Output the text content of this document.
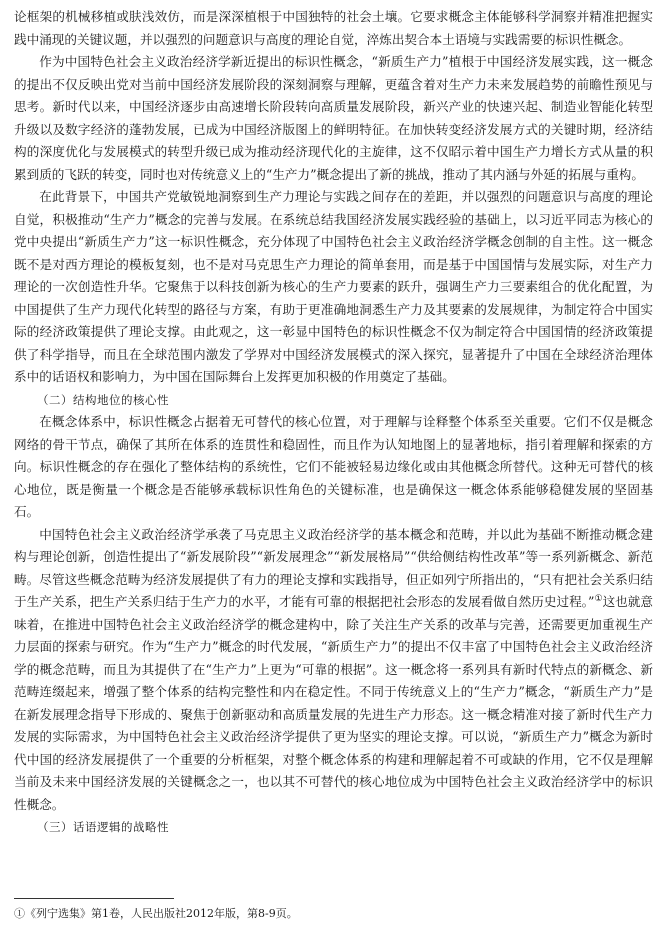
论框架的机械移植或肤浅效仿，而是深深植根于中国独特的社会土壤。它要求概念主体能够科学洞察并精准把握实践中涌现的关键议题，并以强烈的问题意识与高度的理论自觉，淬炼出契合本土语境与实践需要的标识性概念。

作为中国特色社会主义政治经济学新近提出的标识性概念，“新质生产力”植根于中国经济发展实践，这一概念的提出不仅反映出党对当前中国经济发展阶段的深刻洞察与理解，更蕴含着对生产力未来发展趋势的前瞻性预见与思考。新时代以来，中国经济逐步由高速增长阶段转向高质量发展阶段，新兴产业的快速兴起、制造业智能化转型升级以及数字经济的蓬勃发展，已成为中国经济版图上的鲜明特征。在加快转变经济发展方式的关键时期，经济结构的深度优化与发展模式的转型升级已成为推动经济现代化的主旋律，这不仅昭示着中国生产力增长方式从量的积累到质的飞跃的转变，同时也对传统意义上的“生产力”概念提出了新的挑战，推动了其内涵与外延的拓展与重构。

在此背景下，中国共产党敏锐地洞察到生产力理论与实践之间存在的差距，并以强烈的问题意识与高度的理论自觉，积极推动“生产力”概念的完善与发展。在系统总结我国经济发展实践经验的基础上，以习近平同志为核心的党中央提出“新质生产力”这一标识性概念，充分体现了中国特色社会主义政治经济学概念创制的自主性。这一概念既不是对西方理论的模板复刻，也不是对马克思生产力理论的简单套用，而是基于中国国情与发展实际，对生产力理论的一次创造性升华。它聚焦于以科技创新为核心的生产力要素的跃升，强调生产力三要素组合的优化配置，为中国提供了生产力现代化转型的路径与方案，有助于更准确地洞悉生产力及其要素的发展规律，为制定符合中国实际的经济政策提供了理论支撑。由此观之，这一彰显中国特色的标识性概念不仅为制定符合中国国情的经济政策提供了科学指导，而且在全球范围内激发了学界对中国经济发展模式的深入探究，显著提升了中国在全球经济治理体系中的话语权和影响力，为中国在国际舞台上发挥更加积极的作用奠定了基础。

（二）结构地位的核心性

在概念体系中，标识性概念占据着无可替代的核心位置，对于理解与诠释整个体系至关重要。它们不仅是概念网络的骨干节点，确保了其所在体系的连贯性和稳固性，而且作为认知地图上的显著地标，指引着理解和探索的方向。标识性概念的存在强化了整体结构的系统性，它们不能被轻易边缘化或由其他概念所替代。这种无可替代的核心地位，既是衡量一个概念是否能够承载标识性角色的关键标准，也是确保这一概念体系能够稳健发展的坚固基石。

中国特色社会主义政治经济学承袭了马克思主义政治经济学的基本概念和范畴，并以此为基础不断推动概念建构与理论创新，创造性提出了“新发展阶段”“新发展理念”“新发展格局”“供给侧结构性改革”等一系列新概念、新范畴。尽管这些概念范畴为经济发展提供了有力的理论支撑和实践指导，但正如列宁所指出的，“只有把社会关系归结于生产关系，把生产关系归结于生产力的水平，才能有可靠的根据把社会形态的发展看做自然历史过程。”①这也就意味着，在推进中国特色社会主义政治经济学的概念建构中，除了关注生产关系的改革与完善，还需要更加重视生产力层面的探索与研究。作为“生产力”概念的时代发展，“新质生产力”的提出不仅丰富了中国特色社会主义政治经济学的概念范畴，而且为其提供了在“生产力”上更为“可靠的根据”。这一概念将一系列具有新时代特点的新概念、新范畴连缀起来，增强了整个体系的结构完整性和内在稳定性。不同于传统意义上的“生产力”概念，“新质生产力”是在新发展理念指导下形成的、聚焦于创新驱动和高质量发展的先进生产力形态。这一概念精准对接了新时代生产力发展的实际需求，为中国特色社会主义政治经济学提供了更为坚实的理论支撑。可以说，“新质生产力”概念为新时代中国的经济发展提供了一个重要的分析框架，对整个概念体系的构建和理解起着不可或缺的作用，它不仅是理解当前及未来中国经济发展的关键概念之一，也以其不可替代的核心地位成为中国特色社会主义政治经济学中的标识性概念。

（三）话语逻辑的战略性

①《列宁选集》第1卷，人民出版社2012年版，第8-9页。
